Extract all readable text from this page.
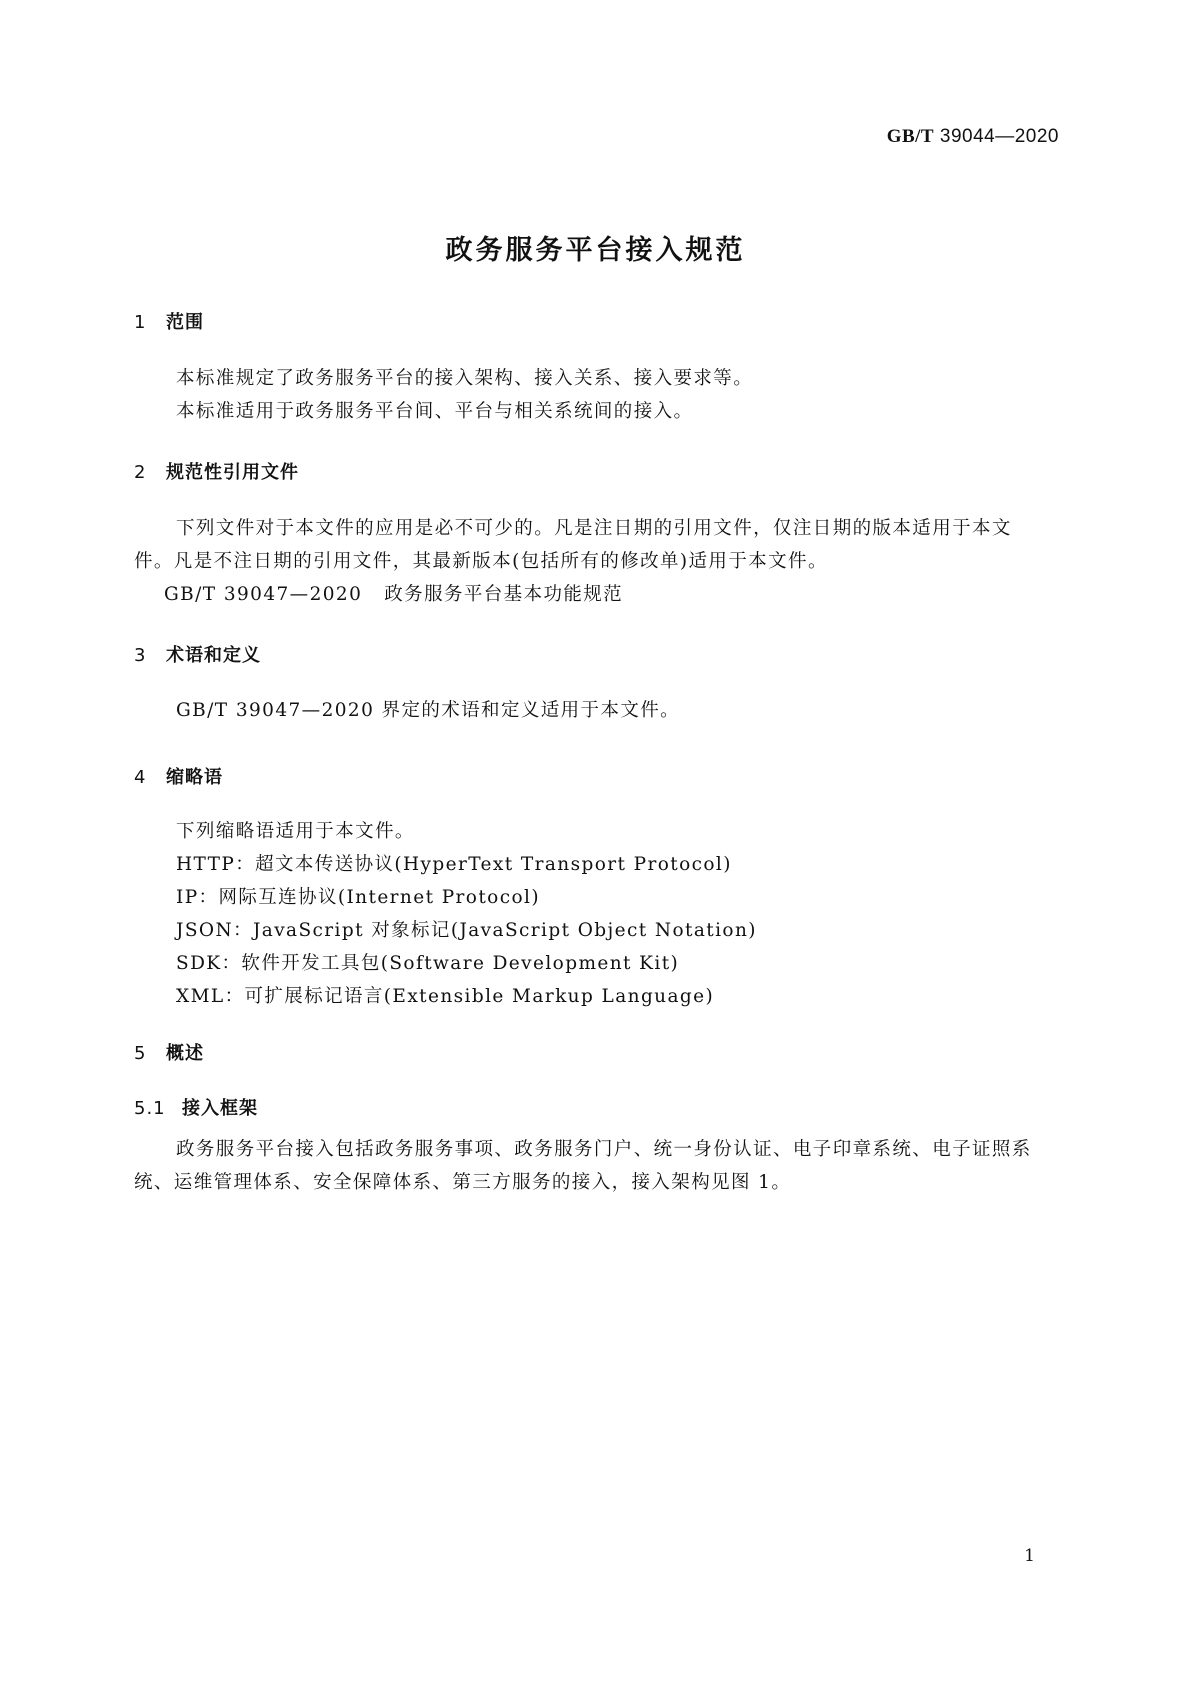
GB/T 39044—2020
政务服务平台接入规范
1 范围
本标准规定了政务服务平台的接入架构、接入关系、接入要求等。
本标准适用于政务服务平台间、平台与相关系统间的接入。
2 规范性引用文件
下列文件对于本文件的应用是必不可少的。凡是注日期的引用文件，仅注日期的版本适用于本文
件。凡是不注日期的引用文件，其最新版本(包括所有的修改单)适用于本文件。
GB/T 39047—2020 政务服务平台基本功能规范
3 术语和定义
GB/T 39047—2020 界定的术语和定义适用于本文件。
4 缩略语
下列缩略语适用于本文件。
HTTP：超文本传送协议(HyperText Transport Protocol)
IP：网际互连协议(Internet Protocol)
JSON：JavaScript 对象标记(JavaScript Object Notation)
SDK：软件开发工具包(Software Development Kit)
XML：可扩展标记语言(Extensible Markup Language)
5 概述
5.1 接入框架
政务服务平台接入包括政务服务事项、政务服务门户、统一身份认证、电子印章系统、电子证照系
统、运维管理体系、安全保障体系、第三方服务的接入，接入架构见图 1。
1
